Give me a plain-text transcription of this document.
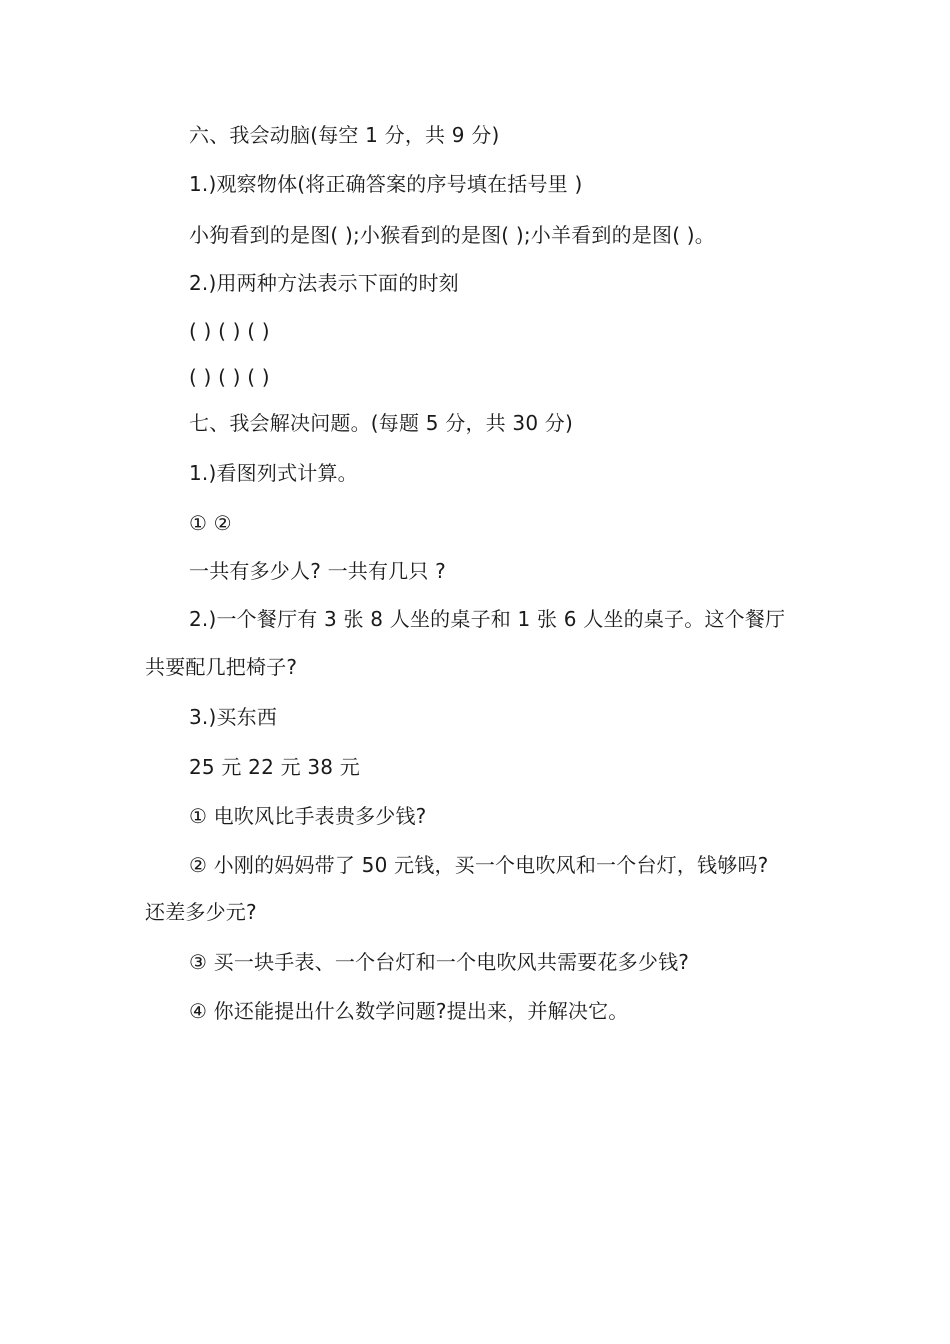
六、我会动脑(每空 1 分，共 9 分)
1.)观察物体(将正确答案的序号填在括号里 )
小狗看到的是图( );小猴看到的是图( );小羊看到的是图( )。
2.)用两种方法表示下面的时刻
( ) ( ) ( )
( ) ( ) ( )
七、我会解决问题。(每题 5 分，共 30 分)
1.)看图列式计算。
① ②
一共有多少人? 一共有几只 ?
2.)一个餐厅有 3 张 8 人坐的桌子和 1 张 6 人坐的桌子。这个餐厅
共要配几把椅子?
3.)买东西
25 元 22 元 38 元
① 电吹风比手表贵多少钱?
② 小刚的妈妈带了 50 元钱，买一个电吹风和一个台灯，钱够吗?
还差多少元?
③ 买一块手表、一个台灯和一个电吹风共需要花多少钱?
④ 你还能提出什么数学问题?提出来，并解决它。
